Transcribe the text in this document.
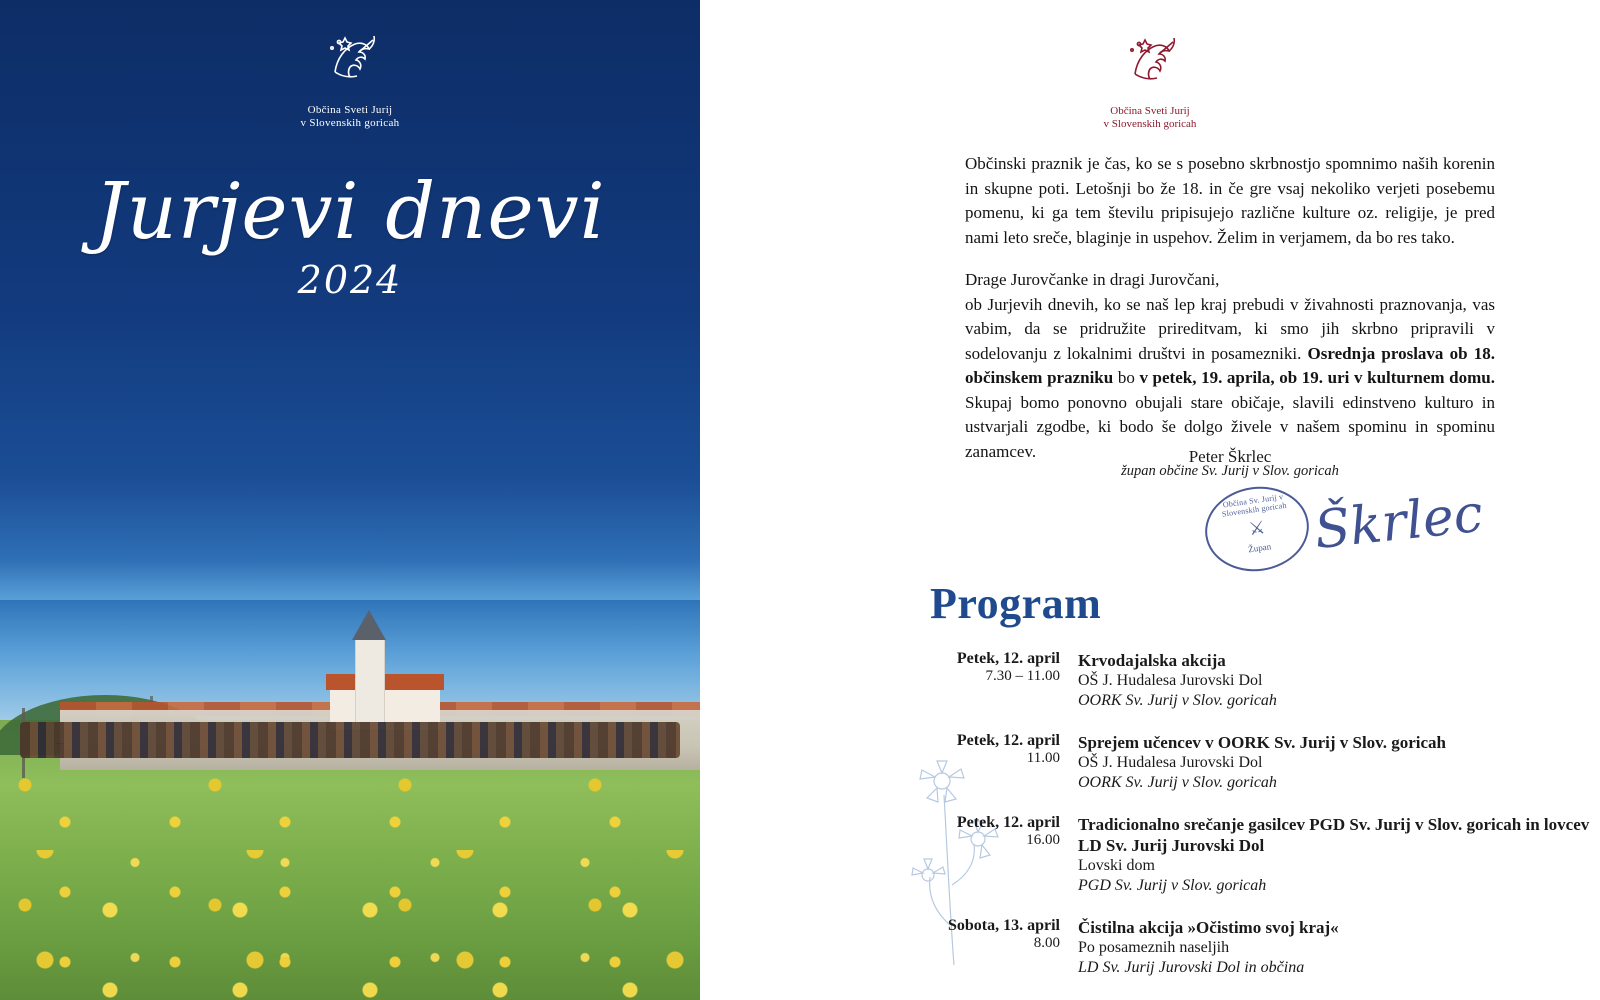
Občina Sveti Jurij
v Slovenskih goricah
Jurjevi dnevi
2024
Občina Sveti Jurij
v Slovenskih goricah

Občinski praznik je čas, ko se s posebno skrbnostjo spomnimo naših korenin in skupne poti. Letošnji bo že 18. in če gre vsaj nekoliko verjeti posebemu pomenu, ki ga tem številu pripisujejo različne kulture oz. religije, je pred nami leto sreče, blaginje in uspehov. Želim in verjamem, da bo res tako.

Drage Jurovčanke in dragi Jurovčani,
ob Jurjevih dnevih, ko se naš lep kraj prebudi v živahnosti praznovanja, vas vabim, da se pridružite prireditvam, ki smo jih skrbno pripravili v sodelovanju z lokalnimi društvi in posamezniki. Osrednja proslava ob 18. občinskem prazniku bo v petek, 19. aprila, ob 19. uri v kulturnem domu. Skupaj bomo ponovno obujali stare običaje, slavili edinstveno kulturo in ustvarjali zgodbe, ki bodo še dolgo živele v našem spominu in spominu zanamcev.	Peter Škrlec
župan občine Sv. Jurij v Slov. goricah
Občina Sv. Jurij v Slovenskih goricah
⚔
Župan Škrlec
Program
Petek, 12. april
7.30 – 11.00
Krvodajalska akcija
OŠ J. Hudalesa Jurovski Dol
OORK Sv. Jurij v Slov. goricah
Petek, 12. april
11.00
Sprejem učencev v OORK Sv. Jurij v Slov. goricah
OŠ J. Hudalesa Jurovski Dol
OORK Sv. Jurij v Slov. goricah
Petek, 12. april
16.00
Tradicionalno srečanje gasilcev PGD Sv. Jurij v Slov. goricah in lovcev LD Sv. Jurij Jurovski Dol
Lovski dom
PGD Sv. Jurij v Slov. goricah
Sobota, 13. april
8.00
Čistilna akcija »Očistimo svoj kraj«
Po posameznih naseljih
LD Sv. Jurij Jurovski Dol in občina
